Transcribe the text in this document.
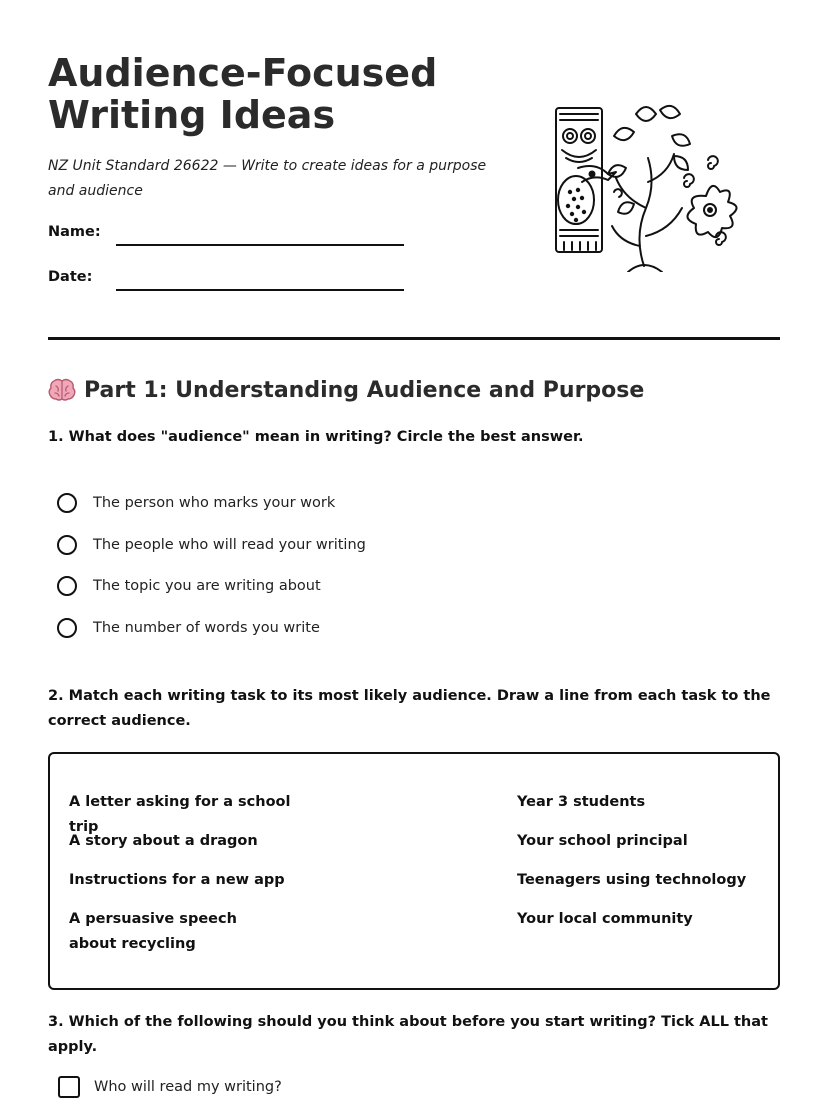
Audience-Focused Writing Ideas

NZ Unit Standard 26622 — Write to create ideas for a purpose and audience

Name:
Date:
Part 1: Understanding Audience and Purpose

1. What does "audience" mean in writing? Circle the best answer.

The person who marks your work
The people who will read your writing
The topic you are writing about
The number of words you write

2. Match each writing task to its most likely audience. Draw a line from each task to the correct audience.

A letter asking for a school trip
A story about a dragon
Instructions for a new app
A persuasive speech about recycling
Year 3 students
Your school principal
Teenagers using technology
Your local community

3. Which of the following should you think about before you start writing? Tick ALL that apply.

Who will read my writing?
